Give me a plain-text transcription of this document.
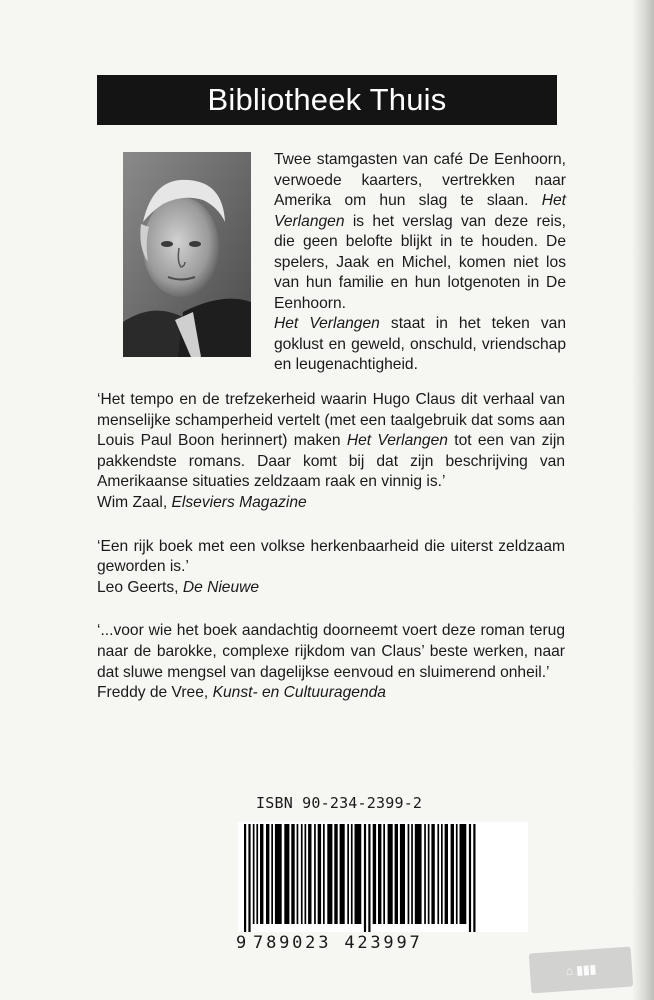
Bibliotheek Thuis

Twee stamgasten van café De Eenhoorn, verwoede kaarters, vertrekken naar Amerika om hun slag te slaan. Het Verlangen is het verslag van deze reis, die geen belofte blijkt in te houden. De spelers, Jaak en Michel, komen niet los van hun familie en hun lotgenoten in De Eenhoorn.

Het Verlangen staat in het teken van goklust en geweld, onschuld, vriendschap en leugenachtigheid.

‘Het tempo en de trefzekerheid waarin Hugo Claus dit verhaal van menselijke schamperheid vertelt (met een taalgebruik dat soms aan Louis Paul Boon herinnert) maken Het Verlangen tot een van zijn pakkendste romans. Daar komt bij dat zijn beschrijving van Amerikaanse situaties zeldzaam raak en vinnig is.’
Wim Zaal, Elseviers Magazine
‘Een rijk boek met een volkse herkenbaarheid die uiterst zeldzaam geworden is.’
Leo Geerts, De Nieuwe
‘...voor wie het boek aandachtig doorneemt voert deze roman terug naar de barokke, complexe rijkdom van Claus’ beste werken, naar dat sluwe mengsel van dagelijkse eenvoud en sluimerend onheil.’
Freddy de Vree, Kunst- en Cultuuragenda
ISBN 90-234-2399-2
9 789023 423997
⌂ ▮▮▮
